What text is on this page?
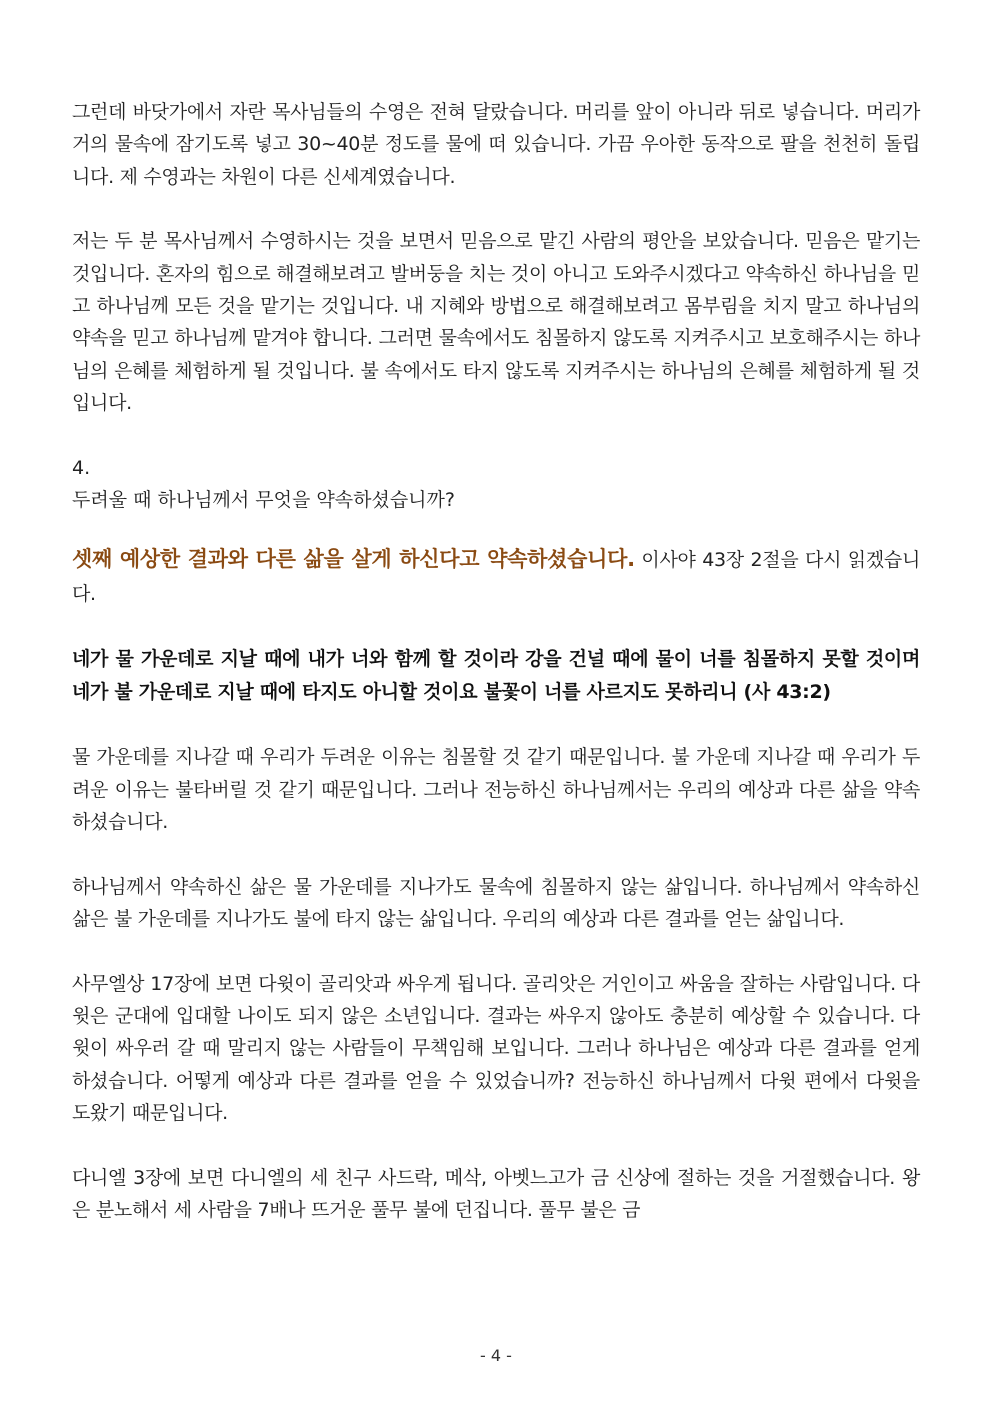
그런데 바닷가에서 자란 목사님들의 수영은 전혀 달랐습니다. 머리를 앞이 아니라 뒤로 넣습니다. 머리가 거의 물속에 잠기도록 넣고 30~40분 정도를 물에 떠 있습니다. 가끔 우아한 동작으로 팔을 천천히 돌립니다. 제 수영과는 차원이 다른 신세계였습니다.

저는 두 분 목사님께서 수영하시는 것을 보면서 믿음으로 맡긴 사람의 평안을 보았습니다. 믿음은 맡기는 것입니다. 혼자의 힘으로 해결해보려고 발버둥을 치는 것이 아니고 도와주시겠다고 약속하신 하나님을 믿고 하나님께 모든 것을 맡기는 것입니다. 내 지혜와 방법으로 해결해보려고 몸부림을 치지 말고 하나님의 약속을 믿고 하나님께 맡겨야 합니다. 그러면 물속에서도 침몰하지 않도록 지켜주시고 보호해주시는 하나님의 은혜를 체험하게 될 것입니다. 불 속에서도 타지 않도록 지켜주시는 하나님의 은혜를 체험하게 될 것입니다.

4.

두려울 때 하나님께서 무엇을 약속하셨습니까?

셋째 예상한 결과와 다른 삶을 살게 하신다고 약속하셨습니다. 이사야 43장 2절을 다시 읽겠습니다.

네가 물 가운데로 지날 때에 내가 너와 함께 할 것이라 강을 건널 때에 물이 너를 침몰하지 못할 것이며 네가 불 가운데로 지날 때에 타지도 아니할 것이요 불꽃이 너를 사르지도 못하리니 (사 43:2)

물 가운데를 지나갈 때 우리가 두려운 이유는 침몰할 것 같기 때문입니다. 불 가운데 지나갈 때 우리가 두려운 이유는 불타버릴 것 같기 때문입니다. 그러나 전능하신 하나님께서는 우리의 예상과 다른 삶을 약속하셨습니다.

하나님께서 약속하신 삶은 물 가운데를 지나가도 물속에 침몰하지 않는 삶입니다. 하나님께서 약속하신 삶은 불 가운데를 지나가도 불에 타지 않는 삶입니다. 우리의 예상과 다른 결과를 얻는 삶입니다.

사무엘상 17장에 보면 다윗이 골리앗과 싸우게 됩니다. 골리앗은 거인이고 싸움을 잘하는 사람입니다. 다윗은 군대에 입대할 나이도 되지 않은 소년입니다. 결과는 싸우지 않아도 충분히 예상할 수 있습니다. 다윗이 싸우러 갈 때 말리지 않는 사람들이 무책임해 보입니다. 그러나 하나님은 예상과 다른 결과를 얻게 하셨습니다. 어떻게 예상과 다른 결과를 얻을 수 있었습니까? 전능하신 하나님께서 다윗 편에서 다윗을 도왔기 때문입니다.

다니엘 3장에 보면 다니엘의 세 친구 사드락, 메삭, 아벳느고가 금 신상에 절하는 것을 거절했습니다. 왕은 분노해서 세 사람을 7배나 뜨거운 풀무 불에 던집니다. 풀무 불은 금

- 4 -
